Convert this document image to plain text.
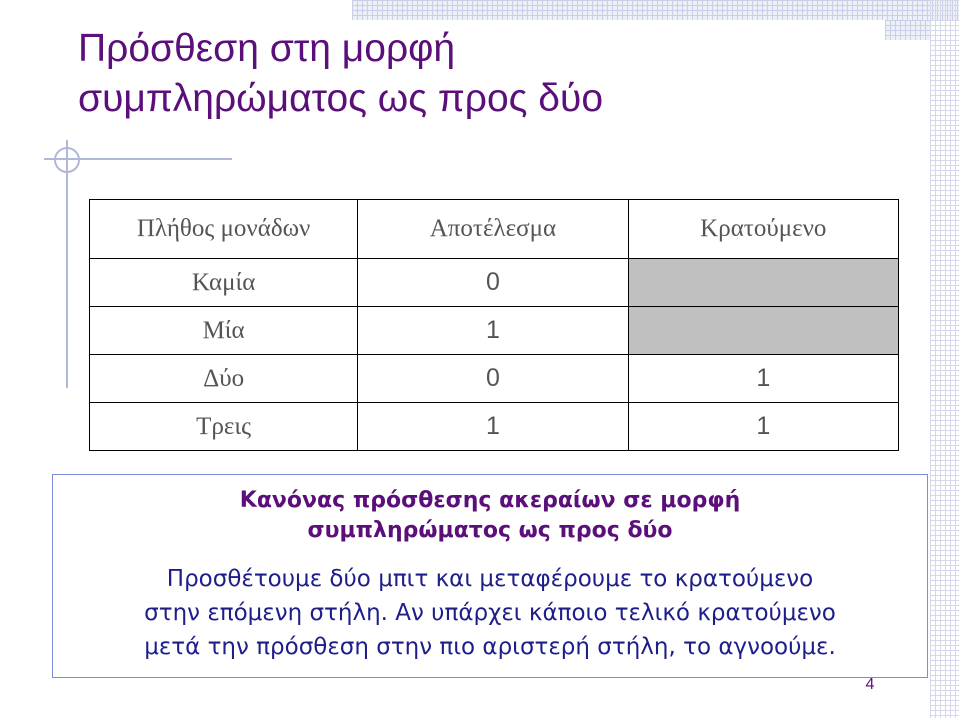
Πρόσθεση στη μορφή
συμπληρώματος ως προς δύο
Πλήθος μονάδων	Αποτέλεσμα	Κρατούμενο
Καμία	0	
Μία	1	
Δύο	0	1
Τρεις	1	1
Κανόνας πρόσθεσης ακεραίων σε μορφή
συμπληρώματος ως προς δύο
Προσθέτουμε δύο μπιτ και μεταφέρουμε το κρατούμενο
στην επόμενη στήλη. Αν υπάρχει κάποιο τελικό κρατούμενο
μετά την πρόσθεση στην πιο αριστερή στήλη, το αγνοούμε.
4
